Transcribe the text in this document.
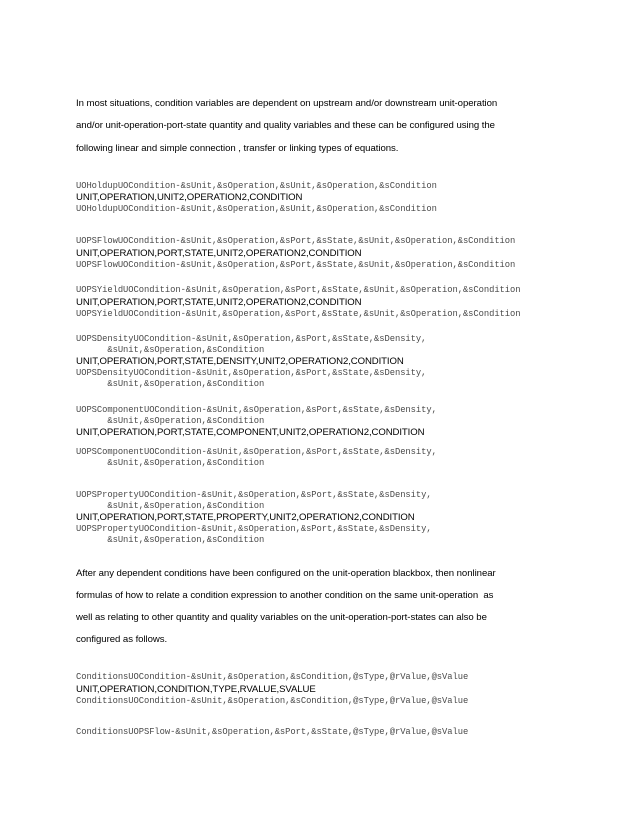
In most situations, condition variables are dependent on upstream and/or downstream unit-operation

and/or unit-operation-port-state quantity and quality variables and these can be configured using the

following linear and simple connection , transfer or linking types of equations.

UOHoldupUOCondition-&sUnit,&sOperation,&sUnit,&sOperation,&sCondition

UNIT,OPERATION,UNIT2,OPERATION2,CONDITION

UOHoldupUOCondition-&sUnit,&sOperation,&sUnit,&sOperation,&sCondition

UOPSFlowUOCondition-&sUnit,&sOperation,&sPort,&sState,&sUnit,&sOperation,&sCondition

UNIT,OPERATION,PORT,STATE,UNIT2,OPERATION2,CONDITION

UOPSFlowUOCondition-&sUnit,&sOperation,&sPort,&sState,&sUnit,&sOperation,&sCondition

UOPSYieldUOCondition-&sUnit,&sOperation,&sPort,&sState,&sUnit,&sOperation,&sCondition

UNIT,OPERATION,PORT,STATE,UNIT2,OPERATION2,CONDITION

UOPSYieldUOCondition-&sUnit,&sOperation,&sPort,&sState,&sUnit,&sOperation,&sCondition

UOPSDensityUOCondition-&sUnit,&sOperation,&sPort,&sState,&sDensity,

&sUnit,&sOperation,&sCondition

UNIT,OPERATION,PORT,STATE,DENSITY,UNIT2,OPERATION2,CONDITION

UOPSDensityUOCondition-&sUnit,&sOperation,&sPort,&sState,&sDensity,

&sUnit,&sOperation,&sCondition

UOPSComponentUOCondition-&sUnit,&sOperation,&sPort,&sState,&sDensity,

&sUnit,&sOperation,&sCondition

UNIT,OPERATION,PORT,STATE,COMPONENT,UNIT2,OPERATION2,CONDITION

UOPSComponentUOCondition-&sUnit,&sOperation,&sPort,&sState,&sDensity,

&sUnit,&sOperation,&sCondition

UOPSPropertyUOCondition-&sUnit,&sOperation,&sPort,&sState,&sDensity,

&sUnit,&sOperation,&sCondition

UNIT,OPERATION,PORT,STATE,PROPERTY,UNIT2,OPERATION2,CONDITION

UOPSPropertyUOCondition-&sUnit,&sOperation,&sPort,&sState,&sDensity,

&sUnit,&sOperation,&sCondition

After any dependent conditions have been configured on the unit-operation blackbox, then nonlinear

formulas of how to relate a condition expression to another condition on the same unit-operation  as

well as relating to other quantity and quality variables on the unit-operation-port-states can also be

configured as follows.

ConditionsUOCondition-&sUnit,&sOperation,&sCondition,@sType,@rValue,@sValue

UNIT,OPERATION,CONDITION,TYPE,RVALUE,SVALUE

ConditionsUOCondition-&sUnit,&sOperation,&sCondition,@sType,@rValue,@sValue

ConditionsUOPSFlow-&sUnit,&sOperation,&sPort,&sState,@sType,@rValue,@sValue
